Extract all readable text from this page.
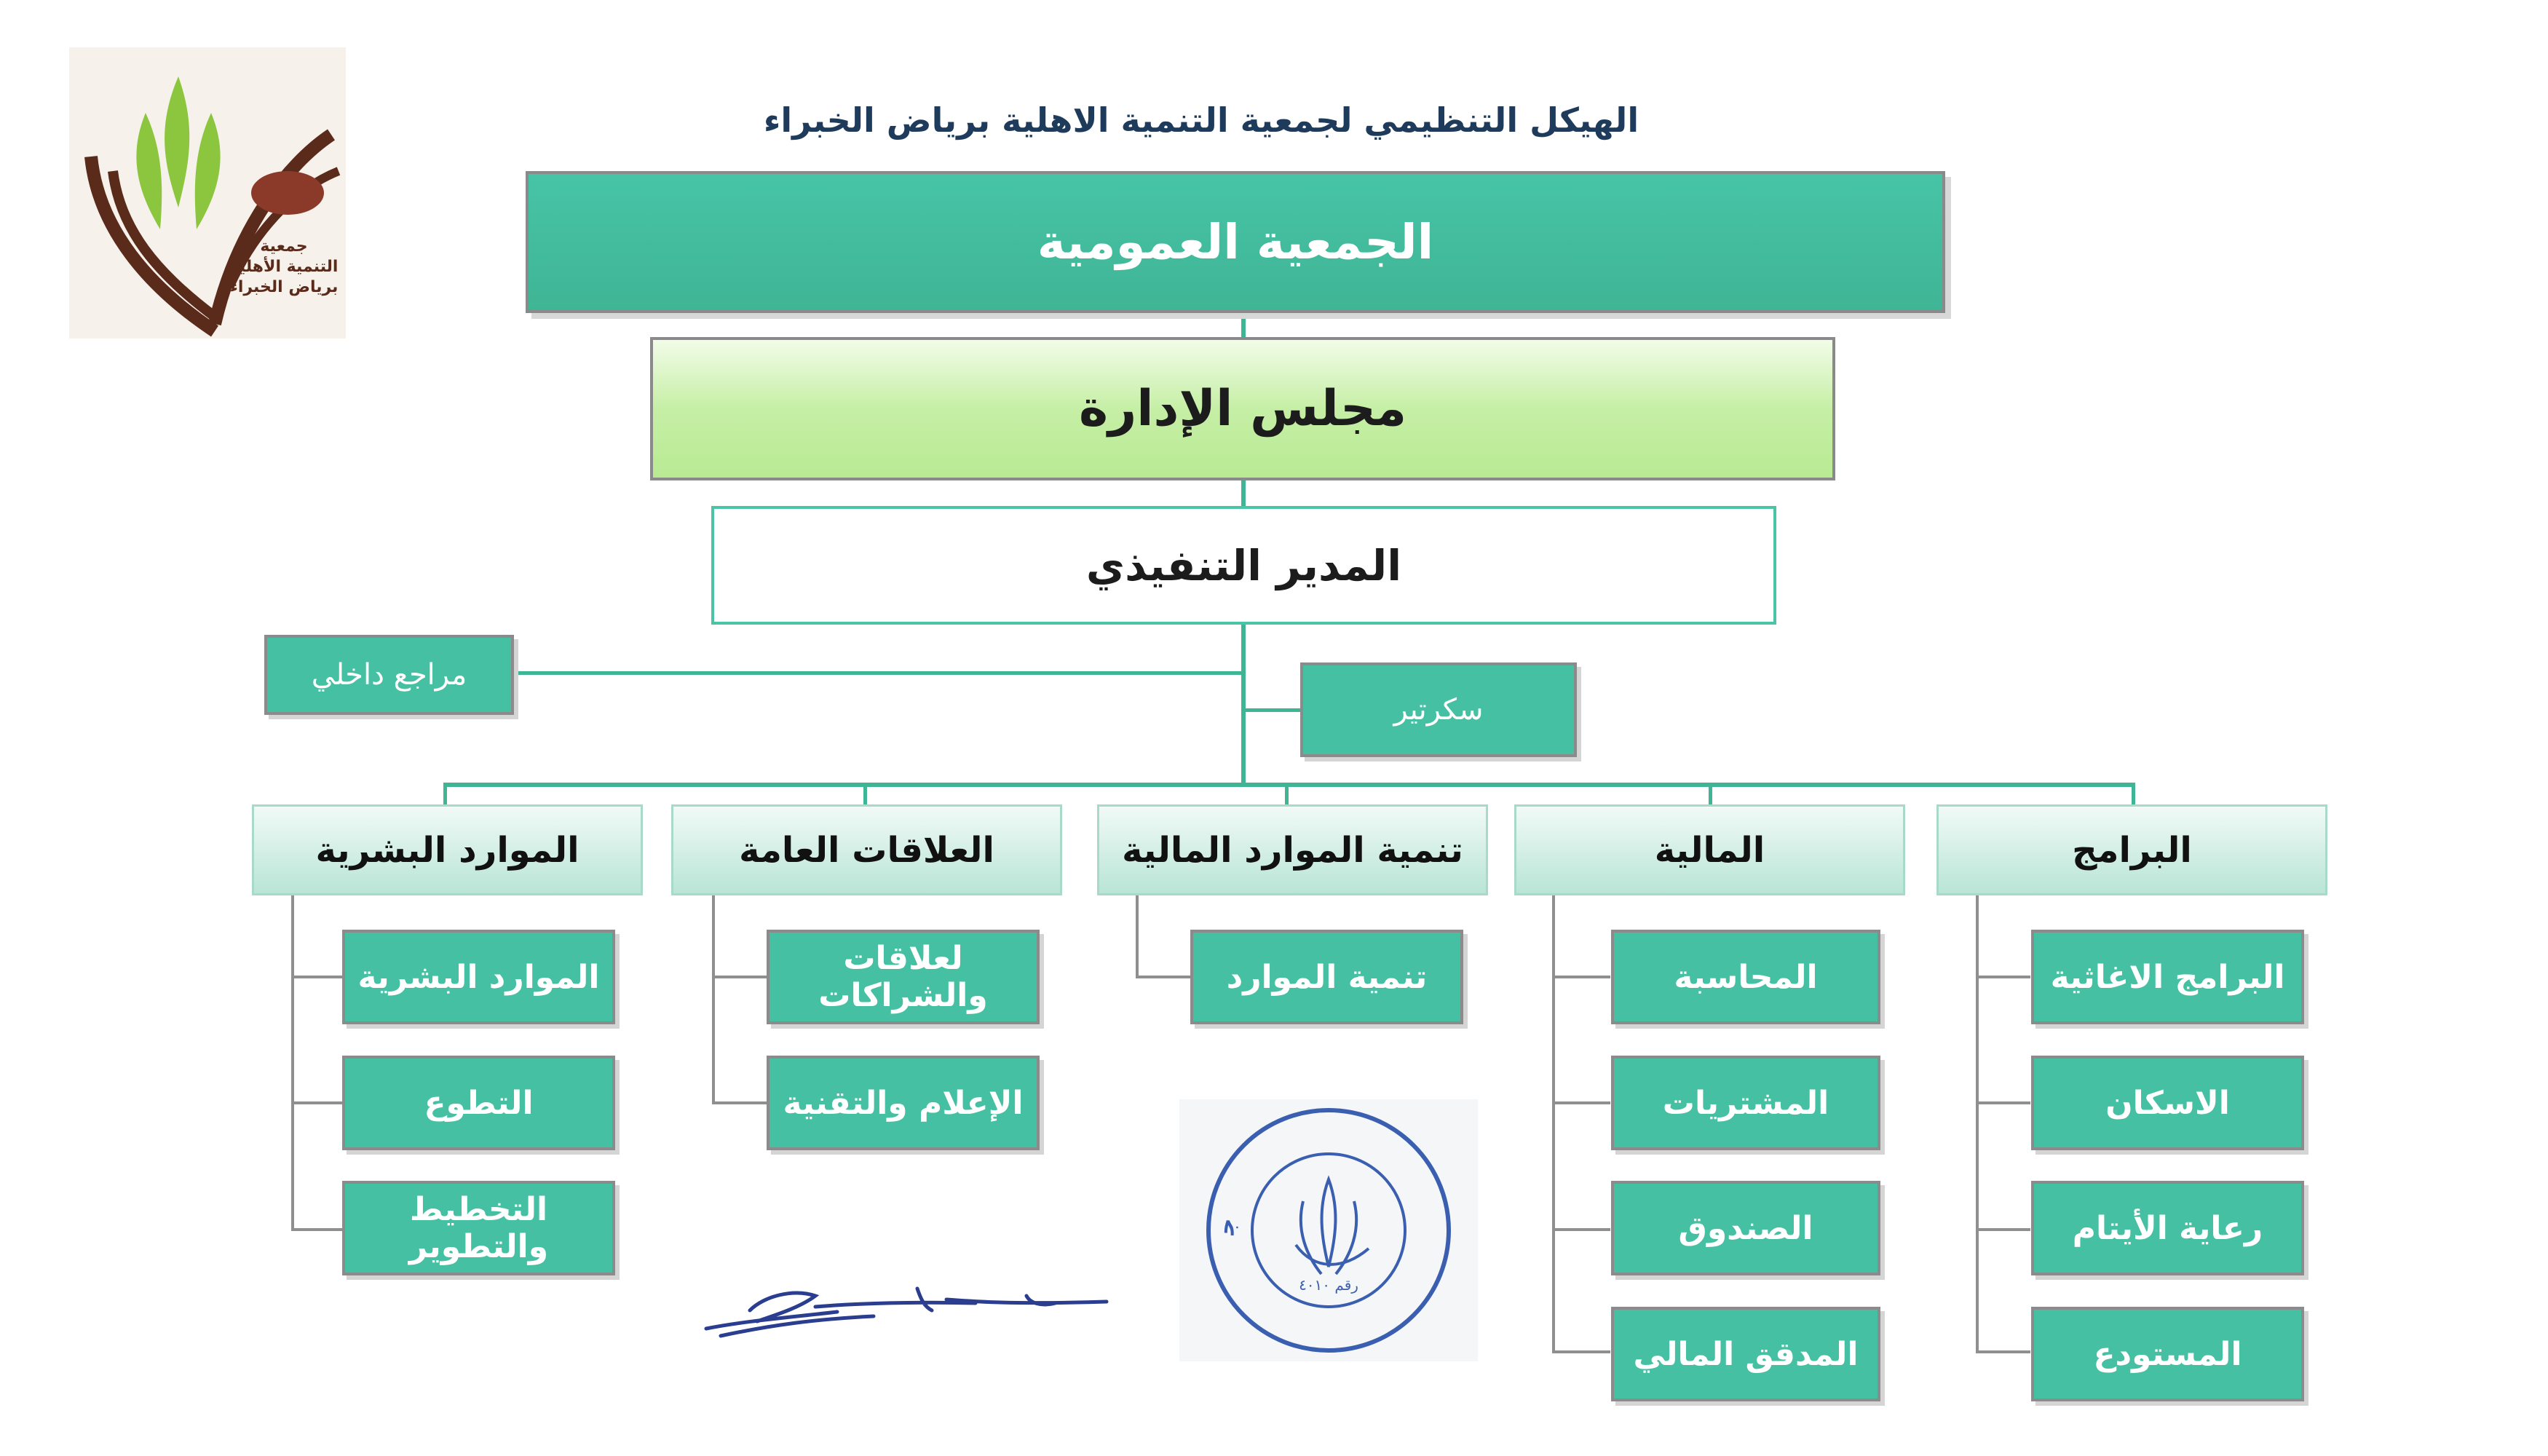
الهيكل التنظيمي لجمعية التنمية الاهلية برياض الخبراء
جمعية
التنمية الأهلية
برياض الخبراء
الجمعية العمومية
مجلس الإدارة
المدير التنفيذي
مراجع داخلي
سكرتير
البرامج
المالية
تنمية الموارد المالية
العلاقات العامة
الموارد البشرية
البرامج الاغاثية
الاسكان
رعاية الأيتام
المستودع
المحاسبة
المشتريات
الصندوق
المدقق المالي
تنمية الموارد
لعلاقات والشراكات
الإعلام والتقنية
الموارد البشرية
التطوع
التخطيط والتطوير
ج
رقم ٤٠١٠
